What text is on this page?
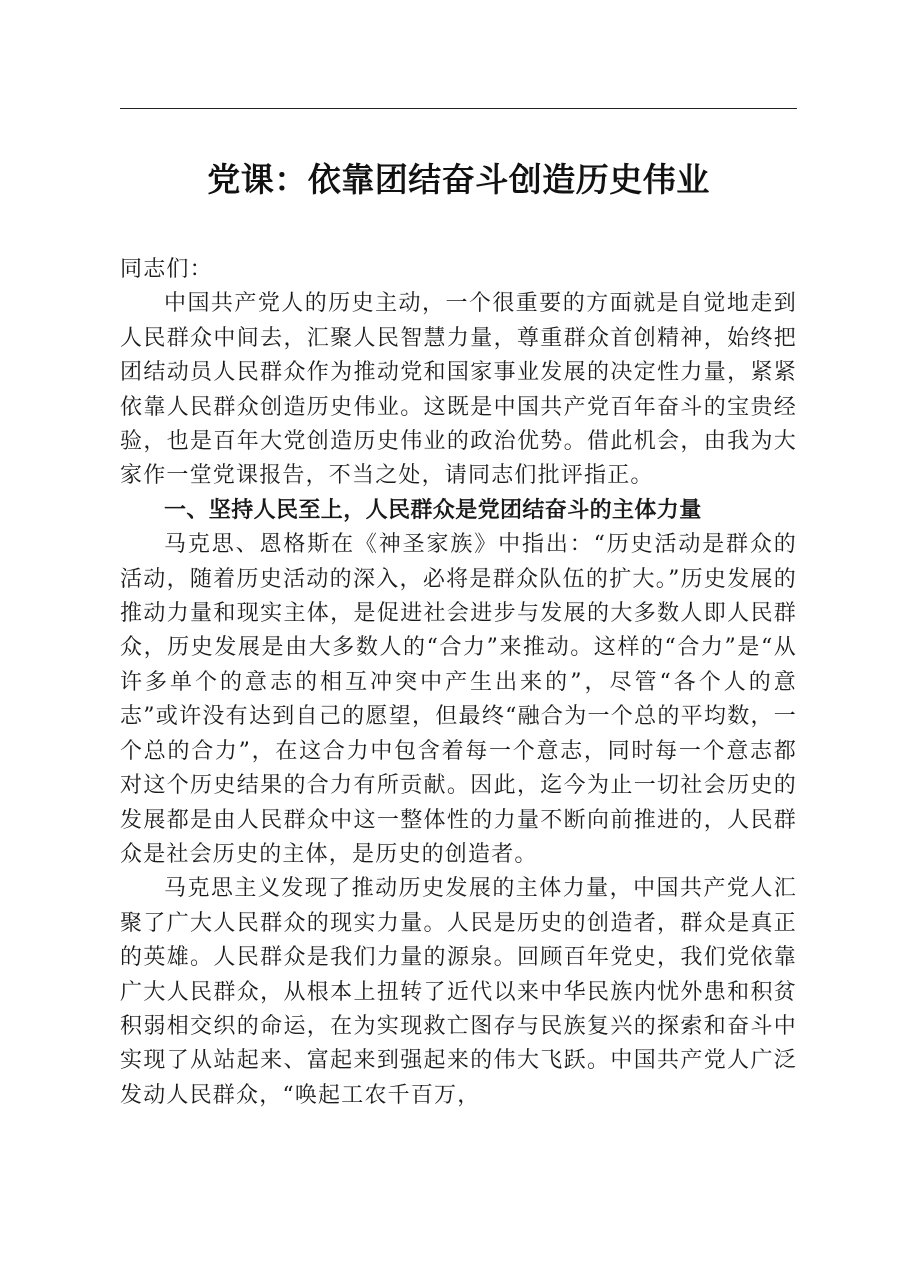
党课：依靠团结奋斗创造历史伟业

同志们：

中国共产党人的历史主动，一个很重要的方面就是自觉地走到人民群众中间去，汇聚人民智慧力量，尊重群众首创精神，始终把团结动员人民群众作为推动党和国家事业发展的决定性力量，紧紧依靠人民群众创造历史伟业。这既是中国共产党百年奋斗的宝贵经验，也是百年大党创造历史伟业的政治优势。借此机会，由我为大家作一堂党课报告，不当之处，请同志们批评指正。

一、坚持人民至上，人民群众是党团结奋斗的主体力量

马克思、恩格斯在《神圣家族》中指出：“历史活动是群众的活动，随着历史活动的深入，必将是群众队伍的扩大。”历史发展的推动力量和现实主体，是促进社会进步与发展的大多数人即人民群众，历史发展是由大多数人的“合力”来推动。这样的“合力”是“从许多单个的意志的相互冲突中产生出来的”，尽管“各个人的意志”或许没有达到自己的愿望，但最终“融合为一个总的平均数，一个总的合力”，在这合力中包含着每一个意志，同时每一个意志都对这个历史结果的合力有所贡献。因此，迄今为止一切社会历史的发展都是由人民群众中这一整体性的力量不断向前推进的，人民群众是社会历史的主体，是历史的创造者。

马克思主义发现了推动历史发展的主体力量，中国共产党人汇聚了广大人民群众的现实力量。人民是历史的创造者，群众是真正的英雄。人民群众是我们力量的源泉。回顾百年党史，我们党依靠广大人民群众，从根本上扭转了近代以来中华民族内忧外患和积贫积弱相交织的命运，在为实现救亡图存与民族复兴的探索和奋斗中实现了从站起来、富起来到强起来的伟大飞跃。中国共产党人广泛发动人民群众，“唤起工农千百万，
